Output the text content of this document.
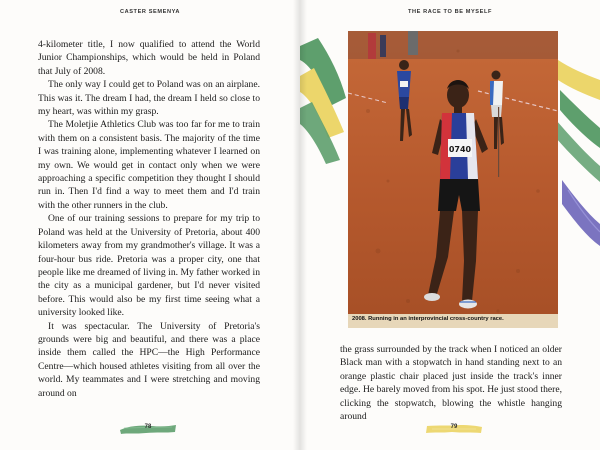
CASTER SEMENYA

4-kilometer title, I now qualified to attend the World Junior Championships, which would be held in Poland that July of 2008.

The only way I could get to Poland was on an airplane. This was it. The dream I had, the dream I held so close to my heart, was within my grasp.

The Moletjie Athletics Club was too far for me to train with them on a consistent basis. The majority of the time I was training alone, implementing whatever I learned on my own. We would get in contact only when we were approaching a specific competition they thought I should run in. Then I'd find a way to meet them and I'd train with the other runners in the club.

One of our training sessions to prepare for my trip to Poland was held at the University of Pretoria, about 400 kilometers away from my grandmother's village. It was a four-hour bus ride. Pretoria was a proper city, one that people like me dreamed of living in. My father worked in the city as a municipal gardener, but I'd never visited before. This would also be my first time seeing what a university looked like.

It was spectacular. The University of Pretoria's grounds were big and beautiful, and there was a place inside them called the HPC—the High Performance Centre—which housed athletes visiting from all over the world. My teammates and I were stretching and moving around on

78
THE RACE TO BE MYSELF
0740
2008. Running in an interprovincial cross-country race.
the grass surrounded by the track when I noticed an older Black man with a stopwatch in hand standing next to an orange plastic chair placed just inside the track's inner edge. He barely moved from his spot. He just stood there, clicking the stopwatch, blowing the whistle hanging around
79
